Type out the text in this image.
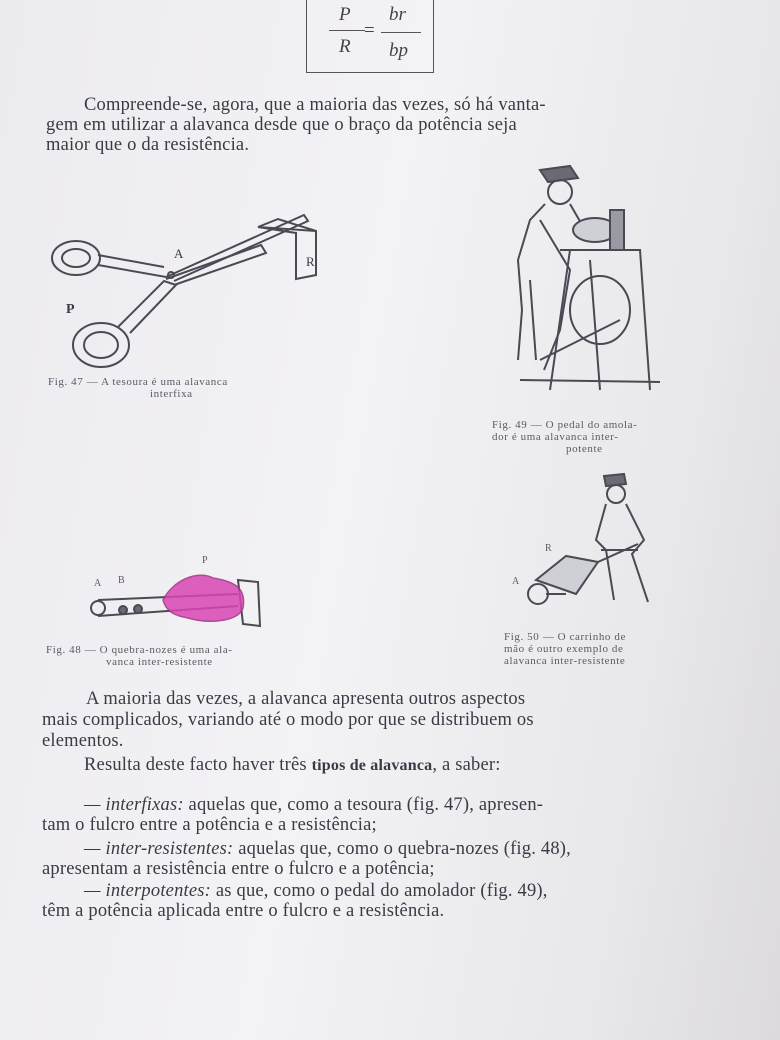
P
R
=
br
bp
Compreende-se, agora, que a maioria das vezes, só há vanta-
gem em utilizar a alavanca desde que o braço da potência seja
maior que o da resistência.
A
P
R
Fig. 47 — A tesoura é uma alavanca
interfixa
Fig. 49 — O pedal do amola-
dor é uma alavanca inter-
potente
A B
P
Fig. 48 — O quebra-nozes é uma ala-
vanca inter-resistente
R
A
Fig. 50 — O carrinho de
mão é outro exemplo de
alavanca inter-resistente
A maioria das vezes, a alavanca apresenta outros aspectos
mais complicados, variando até o modo por que se distribuem os
elementos.
Resulta deste facto haver três tipos de alavanca, a saber:
— interfixas: aquelas que, como a tesoura (fig. 47), apresen-
tam o fulcro entre a potência e a resistência;
— inter-resistentes: aquelas que, como o quebra-nozes (fig. 48),
apresentam a resistência entre o fulcro e a potência;
— interpotentes: as que, como o pedal do amolador (fig. 49),
têm a potência aplicada entre o fulcro e a resistência.
